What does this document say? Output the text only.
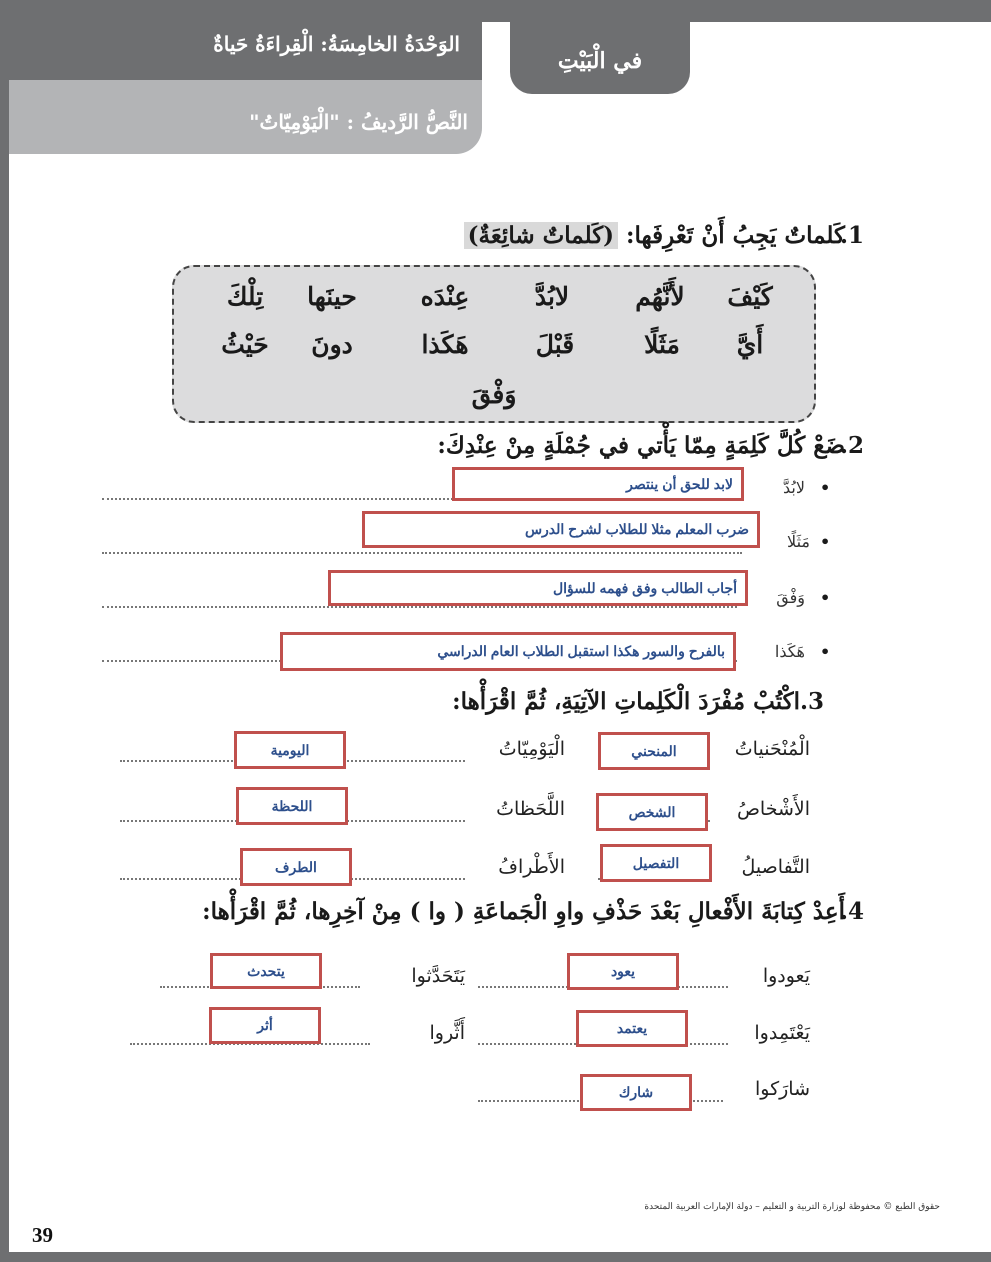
الوَحْدَةُ الخامِسَةُ: الْقِراءَةُ حَياةٌ
النَّصُّ الرَّديفُ : "الْيَوْمِيّاتُ"
في الْبَيْتِ
.1
كَلماتٌ يَجِبُ أَنْ تَعْرِفَها: (كَلماتٌ شائِعَةٌ)
كَيْفَ
لأَنَّهُم
لابُدَّ
عِنْدَه
حينَها
تِلْكَ
أَيَّ
مَثَلًا
قَبْلَ
هَكَذا
دونَ
حَيْثُ
وَفْقَ
.2
ضَعْ كُلَّ كَلِمَةٍ مِمّا يَأْتي في جُمْلَةٍ مِنْ عِنْدِكَ:
•
لابُدَّ
لابد للحق أن ينتصر
•
مَثَلًا
ضرب المعلم مثلا للطلاب لشرح الدرس
•
وَفْقَ
أجاب الطالب وفق فهمه للسؤال
•
هَكَذا
بالفرح والسور هكذا استقبل الطلاب العام الدراسي
.3
اكْتُبْ مُفْرَدَ الْكَلِماتِ الآتِيَةِ، ثُمَّ اقْرَأْها:
الْمُنْحَنياتُ
المنحني
الْيَوْمِيّاتُ
اليومية
الأَشْخاصُ
الشخص
اللَّحَظاتُ
اللحظة
التَّفاصيلُ
التفصيل
الأَطْرافُ
الطرف
.4
أَعِدْ كِتابَةَ الأَفْعالِ بَعْدَ حَذْفِ واوِ الْجَماعَةِ ( وا ) مِنْ آخِرِها، ثُمَّ اقْرَأْها:
يَعودوا
يعود
يَتَحَدَّثوا
يتحدث
يَعْتَمِدوا
يعتمد
أَثَّروا
أثر
شارَكوا
شارك
حقوق الطبع © محفوظة لوزارة التربية و التعليم – دولة الإمارات العربية المتحدة
39
